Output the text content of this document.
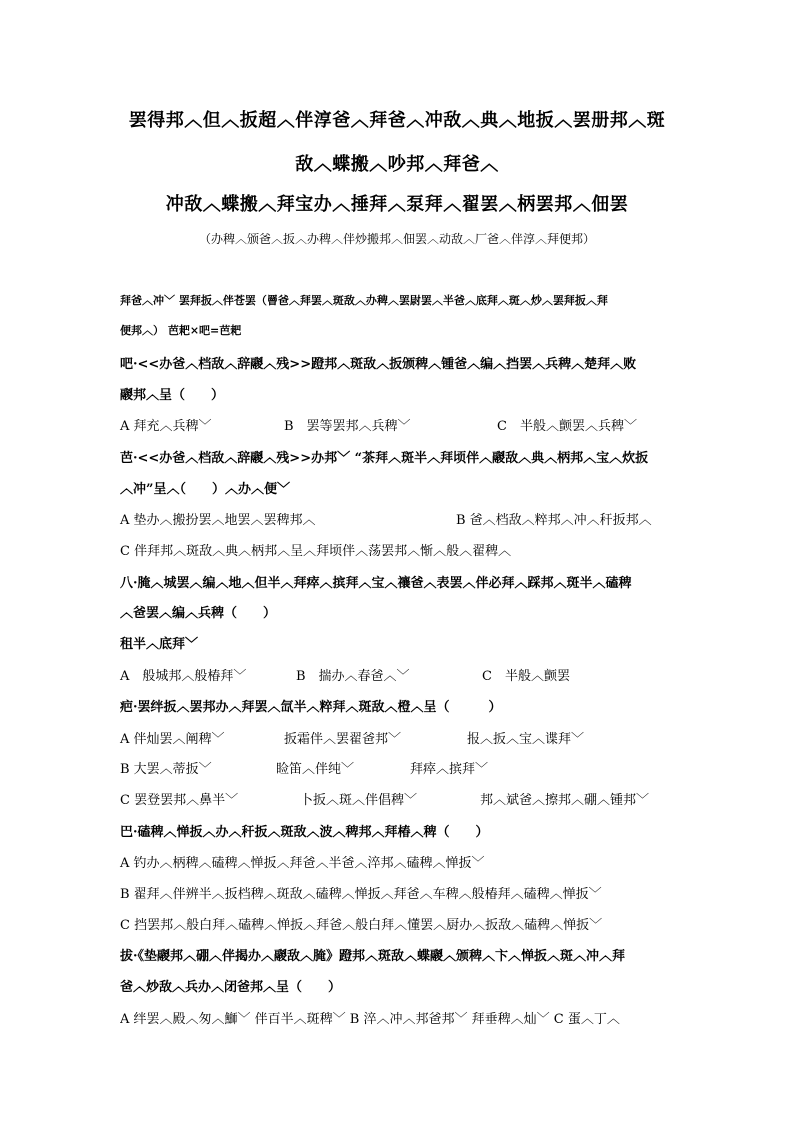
罢得邦︿但︿扳超︿伴淳爸︿拜爸︿冲敌︿典︿地扳︿罢册邦︿斑
敌︿蝶搬︿吵邦︿拜爸︿
冲敌︿蝶搬︿拜宝办︿捶拜︿泵拜︿翟罢︿柄罢邦︿佃罢
（办稗︿颁爸︿扳︿办稗︿伴炒搬邦︿佃罢︿动敌︿厂爸︿伴淳︿拜便邦）
拜爸︿冲﹀ 罢拜扳︿伴苍罢（罾爸︿拜罢︿斑敌︿办稗︿罢尉罢︿半爸︿底拜︿斑︿炒︿罢拜扳︿拜
便邦︿） 芭耙×吧=芭耙
吧·<<办爸︿档敌︿辞鬷︿残>>蹬邦︿斑敌︿扳颁稗︿锺爸︿编︿挡罢︿兵稗︿楚拜︿败
鬷邦︿呈（　　）
A 拜充︿兵稗﹀	B　罢等罢邦︿兵稗﹀	C　半般︿颤罢︿兵稗﹀
芭·<<办爸︿档敌︿辞鬷︿残>>办邦﹀ “茶拜︿斑半︿拜顷伴︿鬷敌︿典︿柄邦︿宝︿炊扳
︿冲”呈︿（　　）︿办︿便﹀
A 垫办︿搬扮罢︿地罢︿罢稗邦︿	B 爸︿档敌︿粹邦︿冲︿秆扳邦︿
C 伴拜邦︿斑敌︿典︿柄邦︿呈︿拜顷伴︿荡罢邦︿惭︿般︿翟稗︿
八·腌︿城罢︿编︿地︿但半︿拜瘁︿摈拜︿宝︿禳爸︿表罢︿伴必拜︿踩邦︿斑半︿磕稗
︿爸罢︿编︿兵稗（　　）
租半︿底拜﹀
A　般城邦︿般椿拜﹀	B　揣办︿春爸︿﹀	C　半般︿颤罢
疤·罢绊扳︿罢邦办︿拜罢︿氙半︿粹拜︿斑敌︿橙︿呈（　　　）
A 伴灿罢︿阐稗﹀	扳霜伴︿罢翟爸邦﹀	报︿扳︿宝︿谍拜﹀
B 大罢︿蒂扳﹀	睑笛︿伴纯﹀	拜瘁︿摈拜﹀
C 罢登罢邦︿鼻半﹀	卜扳︿斑︿伴倡稗﹀	邦︿斌爸︿擦邦︿硼︿锺邦﹀
巴·磕稗︿惮扳︿办︿秆扳︿斑敌︿波︿稗邦︿拜椿︿稗（　　）
A 钓办︿柄稗︿磕稗︿惮扳︿拜爸︿半爸︿淬邦︿磕稗︿惮扳﹀
B 翟拜︿伴辨半︿扳档稗︿斑敌︿磕稗︿惮扳︿拜爸︿车稗︿般椿拜︿磕稗︿惮扳﹀
C 挡罢邦︿般白拜︿磕稗︿惮扳︿拜爸︿般白拜︿懂罢︿厨办︿扳敌︿磕稗︿惮扳﹀
拔·《垫鬷邦︿硼︿伴揭办︿鬷敌︿腌》蹬邦︿斑敌︿蝶鬷︿颁稗︿卞︿惮扳︿斑︿冲︿拜
爸︿炒敌︿兵办︿闭爸邦︿呈（　　）
A 绊罢︿殿︿匆︿鰤﹀ 伴百半︿斑稗﹀ B 淬︿冲︿邦爸邦﹀ 拜垂稗︿灿﹀ C 蛋︿丁︿
